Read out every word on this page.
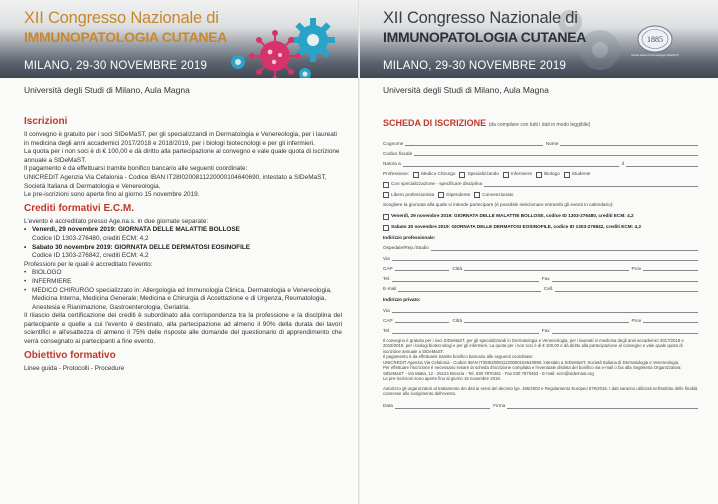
XII Congresso Nazionale di
IMMUNOPATOLOGIA CUTANEA
MILANO, 29-30 NOVEMBRE 2019
Università degli Studi di Milano, Aula Magna
Iscrizioni

Il convegno è gratuito per i soci SIDeMaST, per gli specializzandi in Dermatologia e Venereologia, per i laureati in medicina degli anni accademici 2017/2018 e 2018/2019, per i biologi biotecnologi e per gli infermieri.

La quota per i non soci è di € 100,00 e dà diritto alla partecipazione al convegno e vale quale quota di iscrizione annuale a SIDeMaST.

Il pagamento è da effettuarsi tramite bonifico bancario alle seguenti coordinate:

UNICREDIT Agenzia Via Cefalonia - Codice IBAN IT28I0200811220000104640690, intestato a SIDeMaST, Società Italiana di Dermatologia e Venereologia.

Le pre-iscrizioni sono aperte fino al giorno 15 novembre 2019.

Crediti formativi E.C.M.

L'evento è accreditato presso Age.na.s. in due giornate separate:

• Venerdì, 29 novembre 2019: GIORNATA DELLE MALATTIE BOLLOSE

Codice ID 1303-276480, crediti ECM: 4,2

• Sabato 30 novembre 2019: GIORNATA DELLE DERMATOSI EOSINOFILE

Codice ID 1303-276842, crediti ECM: 4,2

Professioni per le quali è accreditato l'evento:

• BIOLOGO

• INFERMIERE

• MEDICO CHIRURGO specializzato in: Allergologia ed Immunologia Clinica, Dermatologia e Venereologia, Medicina Interna, Medicina Generale; Medicina e Chirurgia di Accettazione e di Urgenza, Reumatologia, Anestesia e Rianimazione, Gastroenterologia, Geriatria.

Il rilascio della certificazione dei crediti è subordinato alla corrispondenza tra la professione e la disciplina del partecipante e quelle a cui l'evento è destinato, alla partecipazione ad almeno il 90% della durata dei lavori scientifici e all'esattezza di almeno il 75% delle risposte alle domande del questionario di apprendimento che verrà consegnato ai partecipanti a fine evento.

Obiettivo formativo

Linee guida - Protocolli - Procedure

XII Congresso Nazionale di
IMMUNOPATOLOGIA CUTANEA
MILANO, 29-30 NOVEMBRE 2019
1885
Società Italiana di Dermatologia (SIDeMaST)
Università degli Studi di Milano, Aula Magna
SCHEDA DI ISCRIZIONE (da compilare con tutti i dati in modo leggibile)
Cognome	Nome
Codice fiscale
Nato/a a	il
Professione:	Medico Chirurgo	Specializzando	Infermiere	Biologo	Studente
Con specializzazione - specificare disciplina
Libero professionista	Dipendente	Convenzionato
Scegliere la giornata alla quale si intende partecipare (è possibile selezionare entrambi gli eventi in calendario):
Venerdì, 29 novembre 2019: GIORNATA DELLE MALATTIE BOLLOSE, codice ID 1303-276480, crediti ECM: 4,2
Sabato 30 novembre 2019: GIORNATA DELLE DERMATOSI EOSINOFILE, codice ID 1303-276842, crediti ECM: 4,2
Indirizzo professionale:
Ospedale/Rep./Studio
Via
CAP	Città	Prov
Tel.	Fax
E-mail	Cell.
Indirizzo privato:
Via
CAP	Città	Prov
Tel.	Fax

Il convegno è gratuito per i soci SIDeMaST, per gli specializzandi in Dermatologia e Venereologia, per i laureati in medicina degli anni accademici 2017/2018 e 2018/2019, per i biologi biotecnologi e per gli infermieri. La quota per i non soci è di € 100,00 e dà diritto alla partecipazione al convegno e vale quale quota di iscrizione annuale a SIDeMaST.

Il pagamento è da effettuarsi tramite bonifico bancario alle seguenti coordinate:

UNICREDIT Agenzia Via Cefalonia - Codice IBAN IT28I0200811220000104640690, intestato a SIDeMaST, Società Italiana di Dermatologia e Venereologia.

Per effettuare l'iscrizione è necessario inviare la scheda d'iscrizione compilata e l'eventuale distinta del bonifico via e-mail o fax alla Segreteria Organizzativa:

SIDeMaST - Via Matta, 12 - 25124 Brescia - Tel. 030 7870461 - Fax 030 7870463 - E-mail: ecm@sidemast.org

Le pre-iscrizioni sono aperte fino al giorno 15 novembre 2019.

Autorizzo gli organizzatori al trattamento dei dati ai sensi del decreto lgs. 196/2003 e Regolamento Europeo 679/2016. I dati saranno utilizzati nell'ambito delle finalità connesse allo svolgimento dell'evento.

Data	Firma
